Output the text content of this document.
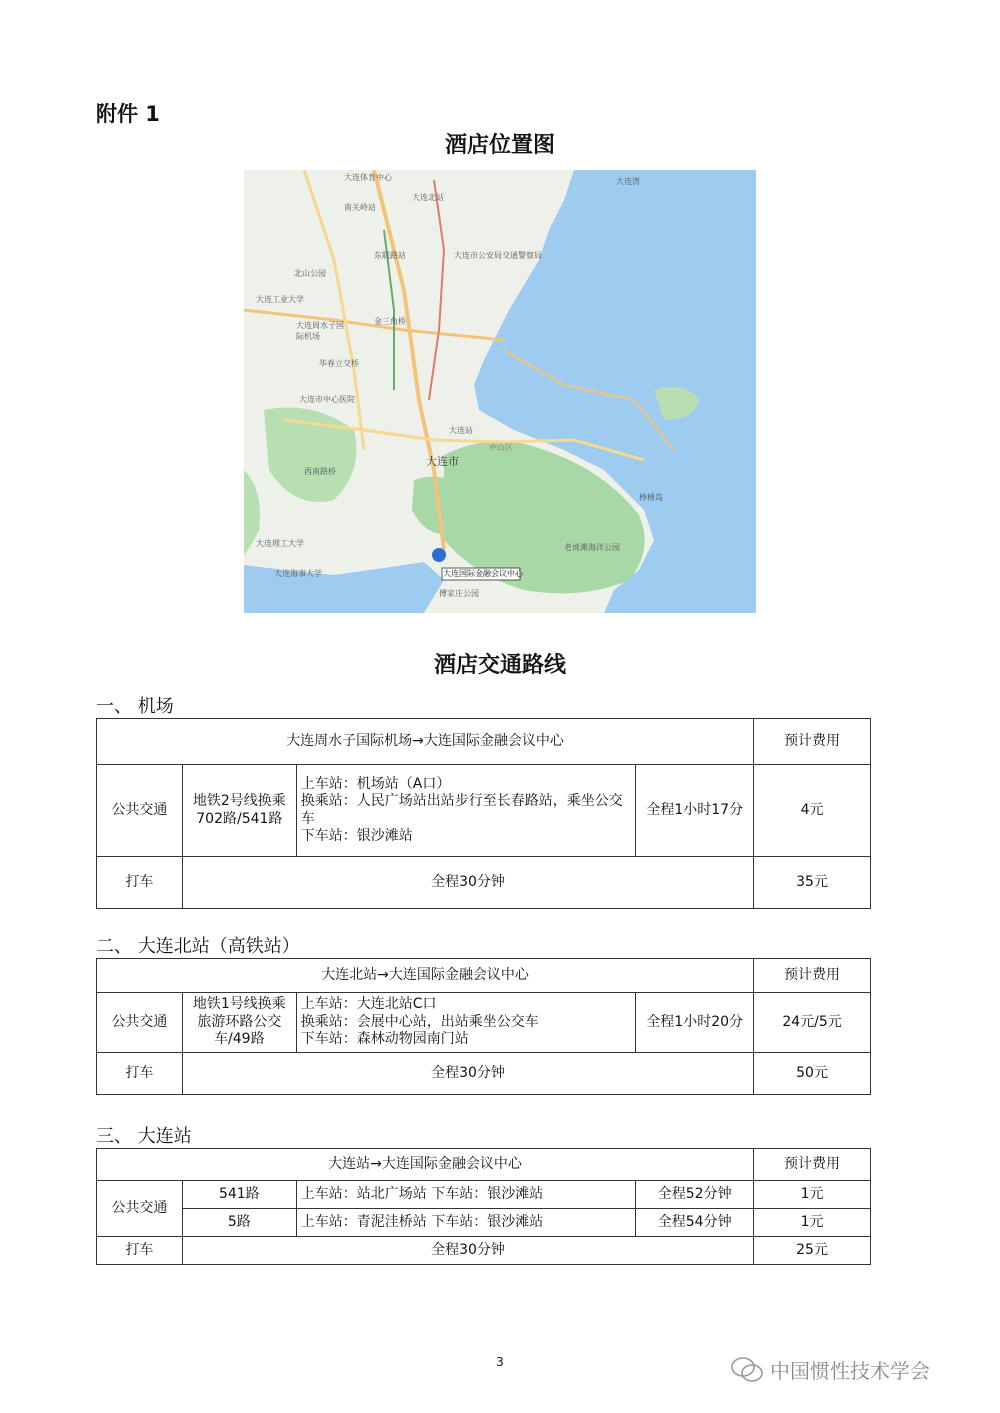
附件 1
酒店位置图
大连国际金融会议中心
大连体育中心
大连北站
南关岭站
东联路站
北山公园
大连市公安局交通警察局
大连工业大学
金三角桥
大连周水子国际机场
华春立交桥
大连市中心医院
大连市
大连站
中山区
西南路桥
大连理工大学
大连海事大学
老虎滩海洋公园
傅家庄公园
棒棰岛
大连湾
酒店交通路线
一、 机场
大连周水子国际机场→大连国际金融会议中心				预计费用
公共交通	地铁2号线换乘702路/541路	上车站：机场站（A口）
换乘站：人民广场站出站步行至长春路站，乘坐公交车
下车站：银沙滩站	全程1小时17分	4元
打车	全程30分钟			35元
二、 大连北站（高铁站）
大连北站→大连国际金融会议中心				预计费用
公共交通	地铁1号线换乘旅游环路公交车/49路	上车站：大连北站C口
换乘站：会展中心站，出站乘坐公交车
下车站：森林动物园南门站	全程1小时20分	24元/5元
打车	全程30分钟			50元
三、 大连站
大连站→大连国际金融会议中心				预计费用
公共交通	541路	上车站：站北广场站 下车站：银沙滩站	全程52分钟	1元
	5路	上车站：青泥洼桥站 下车站：银沙滩站	全程54分钟	1元
打车	全程30分钟			25元
3	中国惯性技术学会
